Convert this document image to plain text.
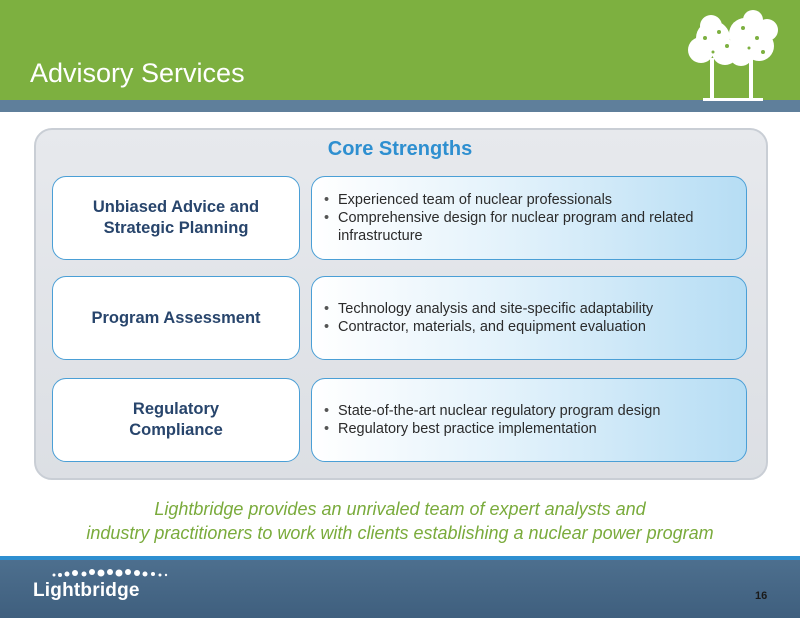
Advisory Services
Core Strengths
Unbiased Advice and
Strategic Planning
• Experienced team of nuclear professionals
• Comprehensive design for nuclear program and related infrastructure
Program Assessment
•	Technology analysis and site-specific adaptability
• Contractor, materials, and equipment evaluation
Regulatory
Compliance
• State-of-the-art nuclear regulatory program design
• Regulatory best practice implementation
Lightbridge provides an unrivaled team of expert analysts and
industry practitioners to work with clients establishing a nuclear power program
Lightbridge	16
